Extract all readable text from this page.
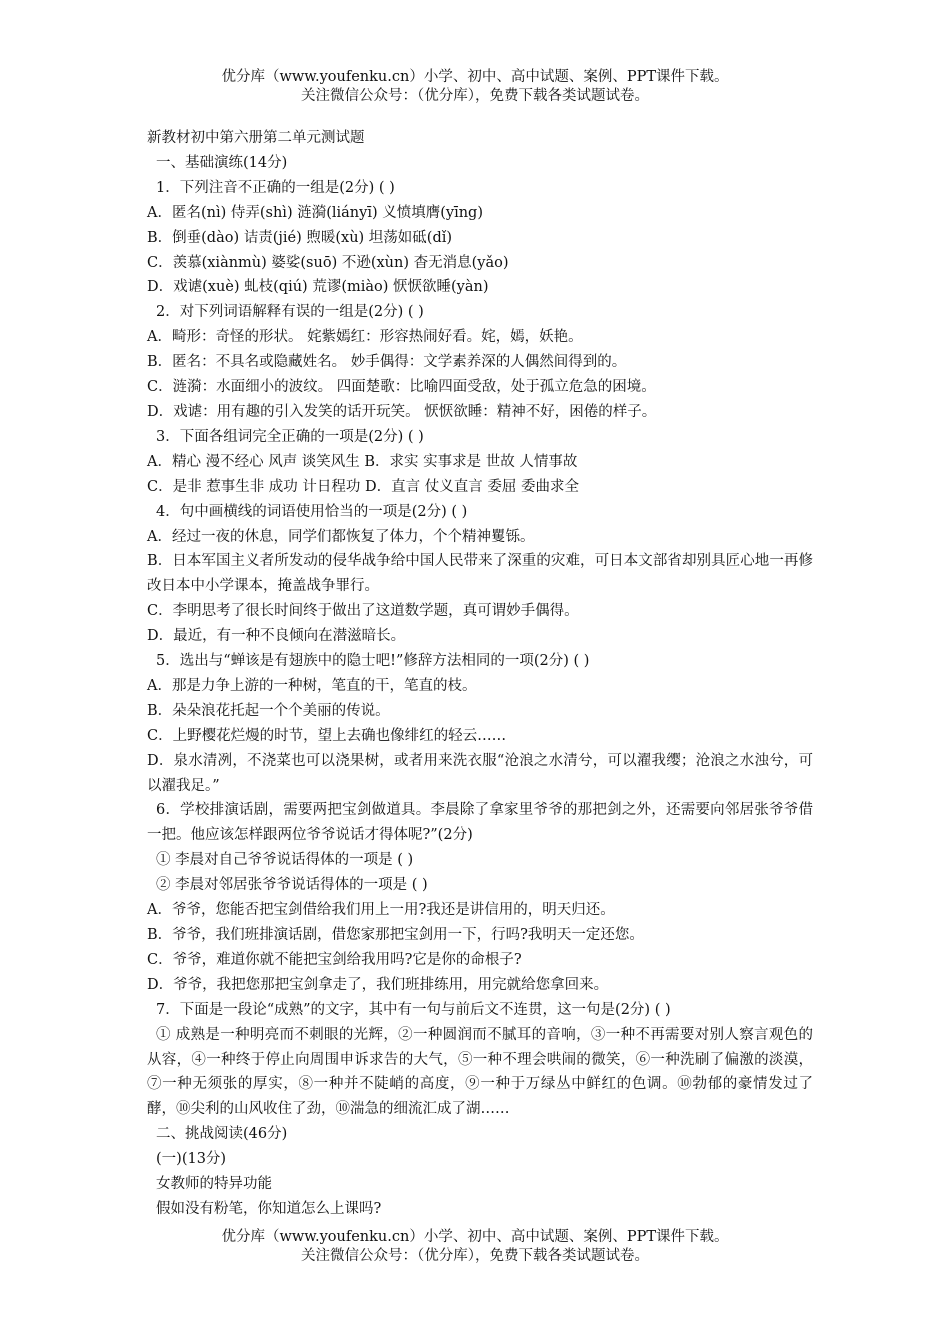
优分库（www.youfenku.cn）小学、初中、高中试题、案例、PPT课件下载。
关注微信公众号：（优分库），免费下载各类试题试卷。

新教材初中第六册第二单元测试题

一、基础演练(14分)

1．下列注音不正确的一组是(2分) ( )

A．匿名(nì) 侍弄(shì) 涟漪(liányī) 义愤填膺(yīng)

B．倒垂(dào) 诘责(jié) 煦暖(xù) 坦荡如砥(dǐ)

C．羡慕(xiànmù) 婆娑(suō) 不逊(xùn) 杳无消息(yǎo)

D．戏谑(xuè) 虬枝(qiú) 荒谬(miào) 恹恹欲睡(yàn)

2．对下列词语解释有误的一组是(2分) ( )

A．畸形：奇怪的形状。 姹紫嫣红：形容热闹好看。姹，嫣，妖艳。

B．匿名：不具名或隐藏姓名。 妙手偶得：文学素养深的人偶然间得到的。

C．涟漪：水面细小的波纹。 四面楚歌：比喻四面受敌，处于孤立危急的困境。

D．戏谑：用有趣的引入发笑的话开玩笑。 恹恹欲睡：精神不好，困倦的样子。

3．下面各组词完全正确的一项是(2分) ( )

A．精心 漫不经心 风声 谈笑风生 B．求实 实事求是 世故 人情事故

C．是非 惹事生非 成功 计日程功 D．直言 仗义直言 委屈 委曲求全

4．句中画横线的词语使用恰当的一项是(2分) ( )

A．经过一夜的休息，同学们都恢复了体力，个个精神矍铄。

B．日本军国主义者所发动的侵华战争给中国人民带来了深重的灾难，可日本文部省却别具匠心地一再修改日本中小学课本，掩盖战争罪行。

C．李明思考了很长时间终于做出了这道数学题，真可谓妙手偶得。

D．最近，有一种不良倾向在潜滋暗长。

5．选出与“蝉该是有翅族中的隐士吧!”修辞方法相同的一项(2分) ( )

A．那是力争上游的一种树，笔直的干，笔直的枝。

B．朵朵浪花托起一个个美丽的传说。

C．上野樱花烂熳的时节，望上去确也像绯红的轻云……

D．泉水清冽，不浇菜也可以浇果树，或者用来洗衣服“沧浪之水清兮，可以濯我缨；沧浪之水浊兮，可以濯我足。”

6．学校排演话剧，需要两把宝剑做道具。李晨除了拿家里爷爷的那把剑之外，还需要向邻居张爷爷借一把。他应该怎样跟两位爷爷说话才得体呢?”(2分)

① 李晨对自己爷爷说话得体的一项是 ( )

② 李晨对邻居张爷爷说话得体的一项是 ( )

A．爷爷，您能否把宝剑借给我们用上一用?我还是讲信用的，明天归还。

B．爷爷，我们班排演话剧，借您家那把宝剑用一下，行吗?我明天一定还您。

C．爷爷，难道你就不能把宝剑给我用吗?它是你的命根子?

D．爷爷，我把您那把宝剑拿走了，我们班排练用，用完就给您拿回来。

7．下面是一段论“成熟”的文字，其中有一句与前后文不连贯，这一句是(2分) ( )

① 成熟是一种明亮而不刺眼的光辉，②一种圆润而不腻耳的音响，③一种不再需要对别人察言观色的从容，④一种终于停止向周围申诉求告的大气，⑤一种不理会哄闹的微笑，⑥一种洗刷了偏激的淡漠，⑦一种无须张的厚实，⑧一种并不陡峭的高度，⑨一种于万绿丛中鲜红的色调。⑩勃郁的豪情发过了酵，⑩尖利的山风收住了劲，⑩湍急的细流汇成了湖……

二、挑战阅读(46分)

(一)(13分)

女教师的特异功能

假如没有粉笔，你知道怎么上课吗?

优分库（www.youfenku.cn）小学、初中、高中试题、案例、PPT课件下载。
关注微信公众号：（优分库），免费下载各类试题试卷。
